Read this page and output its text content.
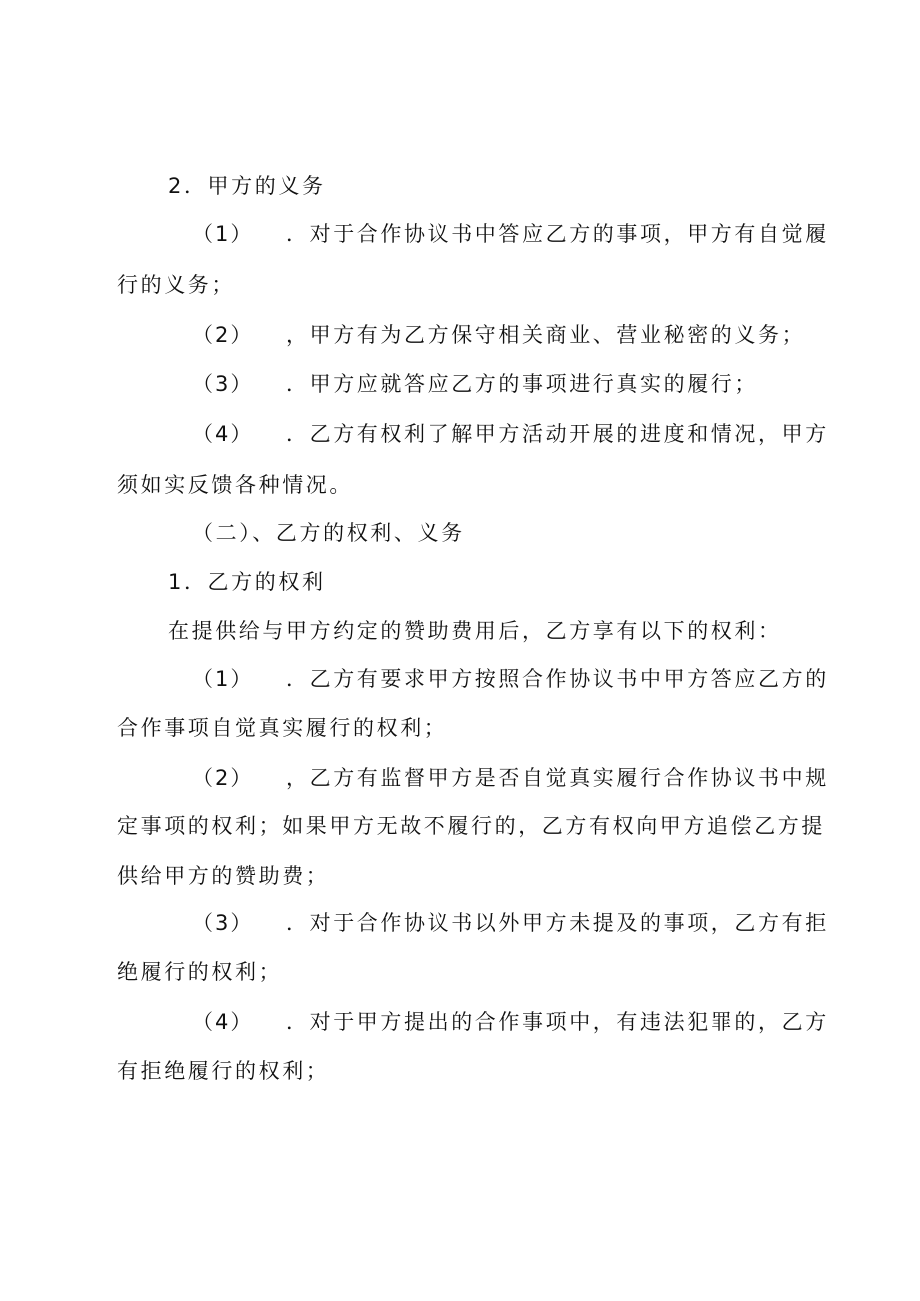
2．甲方的义务
（1） ．对于合作协议书中答应乙方的事项，甲方有自觉履
行的义务；
（2） ，甲方有为乙方保守相关商业、营业秘密的义务；
（3） ．甲方应就答应乙方的事项进行真实的履行；
（4） ．乙方有权利了解甲方活动开展的进度和情况，甲方
须如实反馈各种情况。
（二）、乙方的权利、义务
1．乙方的权利
在提供给与甲方约定的赞助费用后，乙方享有以下的权利：
（1） ．乙方有要求甲方按照合作协议书中甲方答应乙方的
合作事项自觉真实履行的权利；
（2） ，乙方有监督甲方是否自觉真实履行合作协议书中规
定事项的权利；如果甲方无故不履行的，乙方有权向甲方追偿乙方提
供给甲方的赞助费；
（3） ．对于合作协议书以外甲方未提及的事项，乙方有拒
绝履行的权利；
（4） ．对于甲方提出的合作事项中，有违法犯罪的，乙方
有拒绝履行的权利；
